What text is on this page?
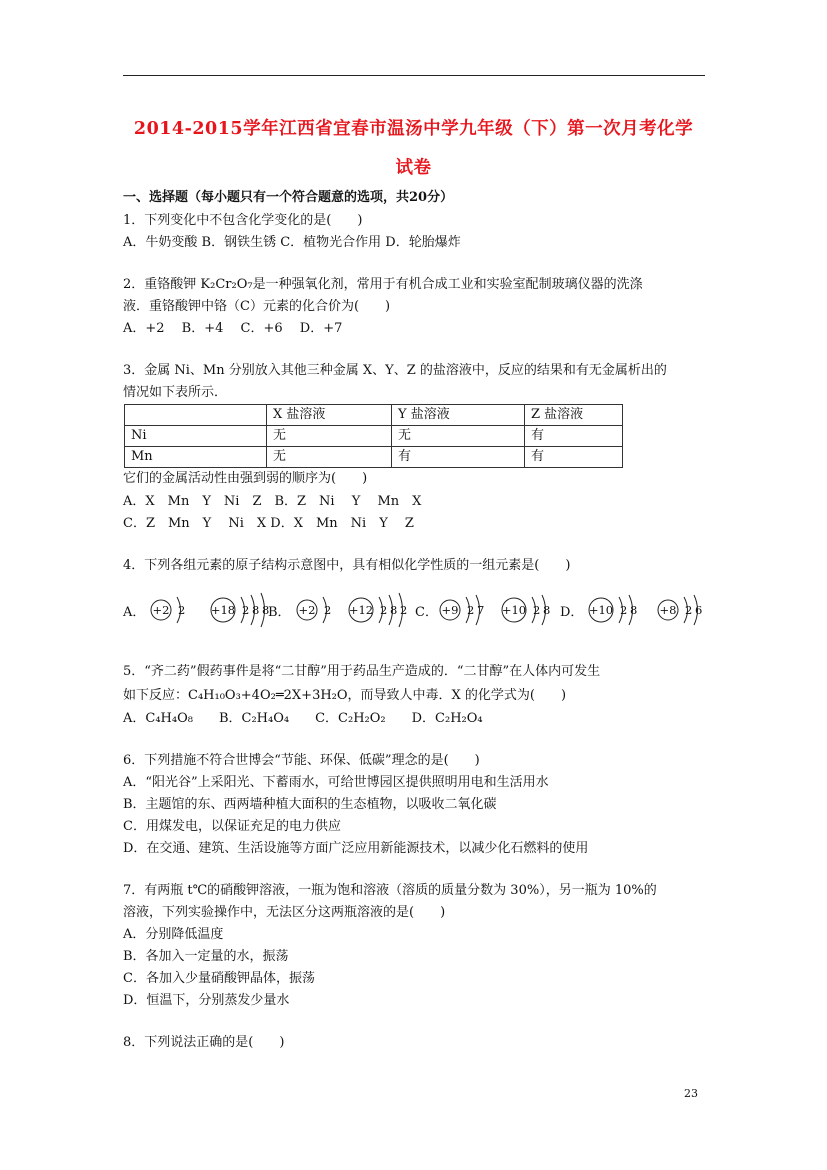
2014-2015学年江西省宜春市温汤中学九年级（下）第一次月考化学
试卷
一、选择题（每小题只有一个符合题意的选项，共20分）
1．下列变化中不包含化学变化的是(　　)
A．牛奶变酸 B．钢铁生锈 C．植物光合作用 D．轮胎爆炸
2．重铬酸钾 K₂Cr₂O₇是一种强氧化剂，常用于有机合成工业和实验室配制玻璃仪器的洗涤
液．重铬酸钾中铬（C）元素的化合价为(　　)
A．+2　 B．+4　 C．+6　 D．+7
3．金属 Ni、Mn 分别放入其他三种金属 X、Y、Z 的盐溶液中，反应的结果和有无金属析出的
情况如下表所示．
	X 盐溶液	Y 盐溶液	Z 盐溶液
Ni	无	无	有
Mn	无	有	有
它们的金属活动性由强到弱的顺序为(　　)
A．X　Mn　Y　Ni　Z　B．Z　Ni　 Y　 Mn　X
C．Z　Mn　Y　 Ni　X D．X　Mn　Ni　Y　 Z
4．下列各组元素的原子结构示意图中，具有相似化学性质的一组元素是(　　)
A．	B．	C．	D．
+2 2 +18 2 8 8	+2 2 +12 2 8 2	+9 2 7 +10 2 8	+10 2 8 +8 2 6
5．“齐二药”假药事件是将“二甘醇”用于药品生产造成的．“二甘醇”在人体内可发生
如下反应：C₄H₁₀O₃+4O₂═2X+3H₂O，而导致人中毒．X 的化学式为(　　)
A．C₄H₄O₈　　B．C₂H₄O₄　　C．C₂H₂O₂　　D．C₂H₂O₄
6．下列措施不符合世博会“节能、环保、低碳”理念的是(　　)
A．“阳光谷”上采阳光、下蓄雨水，可给世博园区提供照明用电和生活用水
B．主题馆的东、西两墙种植大面积的生态植物，以吸收二氧化碳
C．用煤发电，以保证充足的电力供应
D．在交通、建筑、生活设施等方面广泛应用新能源技术，以减少化石燃料的使用
7．有两瓶 t℃的硝酸钾溶液，一瓶为饱和溶液（溶质的质量分数为 30%），另一瓶为 10%的
溶液，下列实验操作中，无法区分这两瓶溶液的是(　　)
A．分别降低温度
B．各加入一定量的水，振荡
C．各加入少量硝酸钾晶体，振荡
D．恒温下，分别蒸发少量水
8．下列说法正确的是(　　)
23
